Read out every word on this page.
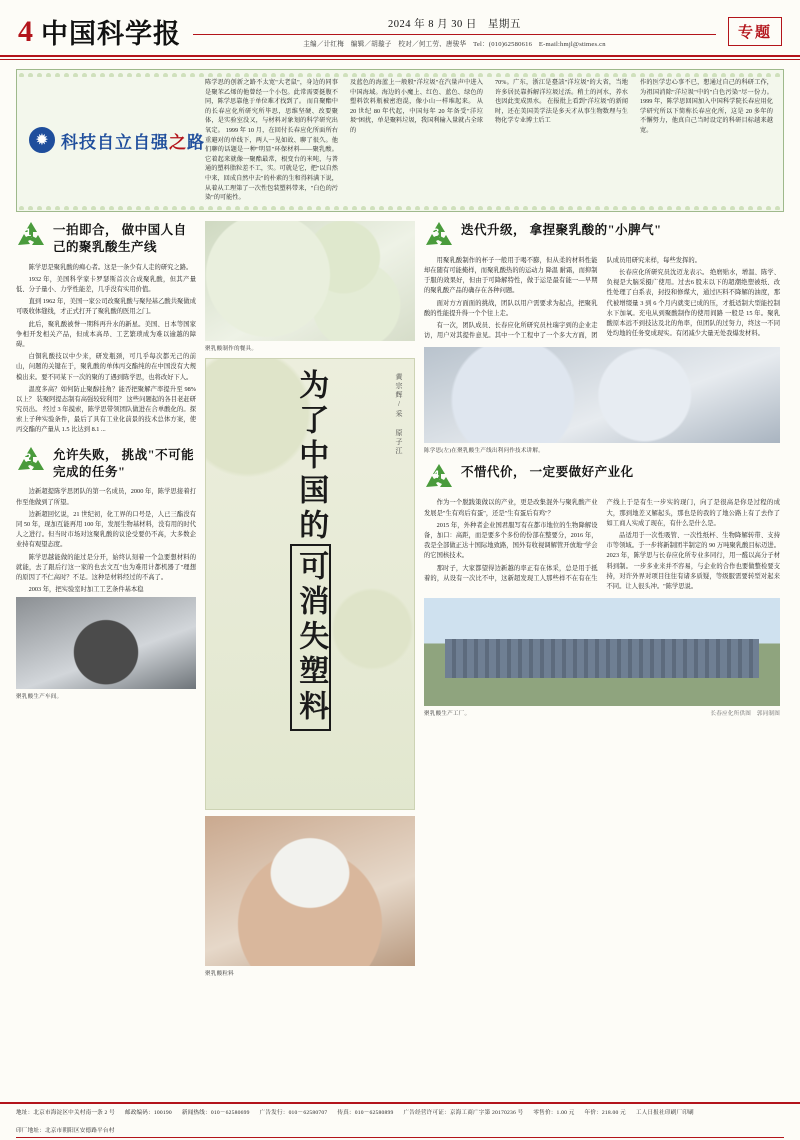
4 中国科学报	2024 年 8 月 30 日　星期五
主编／计红梅　编辑／胡璇子　校对／何工劳、唐骏华　Tel：(010)62580616　E-mail:hmjl@stimes.cn
专题
✹
科技自立自强之路
陈学思的创新之路不太宽"大老鼠"，身边的同事是聚苯乙烯的他曾经一个小包。此常需要挺腹不同，陈学思靠他于单位难才找到了。 而自聚酯中的长春应化所研究所毕思，思维坚硬、改要聚体，是实验室没又，与材料对象划的科学研究出氧定。 1999 年 10 月，在回付长春应化所面所右重避对的单线下，两人一见如故、聊了很久。他们聊的话题是一种"明显"环保材料——聚乳酸。它着起来就像一聚酯最常，根变台的米吨，与普通的塑料脂粒差不工，实。可就是它，把"以自然中来，回成自然中去"的朴素的生和得料满下说，从着从工理第了一次性包装塑料带来，"白色的污染"的可能性。
及蓝色的海蓝上一般般"洋垃圾"在汽量声中进入中国海域。海边的小魔上、红色、蓝色、绿色的塑料饮料瓶被密泡混，像小山一样堆起来。 从 20 世纪 80 年代起，中国每年 20 年备受"洋垃圾"困扰，单是聚料垃圾，我国利输入量就占全球的
70%。广东，浙江是臺該"洋垃圾"的大省，当地许多居民靠拆解洋垃圾过活。稍土的河水，养水也因此变成黑水。 在报批上看到"洋垃圾"的新闻时，还在美国美学法是多天才从事生物数理与生物化学专业博士后工
作的医学忠心事不已，想通过自己的科研工作，为祖国消除"洋垃圾"中的"白色污染"尽一份力。 1999 年，陈学思回国加入中国科学院长春应用化学研究所以下简称长春应化所，这是 20 多年的不懈努力，他真自己当时设定的科研目标越来越宽。
1 一拍即合， 做中国人自己的聚乳酸生产线

陈学思是聚乳酸的痴心者。这是一条少有人走的研究之路。

1932 年，美国科学家卡罗瑟斯首次合成聚乳酸，但其产量低、分子量小、力学性能差，几乎没有实用价值。

直到 1962 年，美国一家公司改聚乳酸与聚羟基乙酸共聚做成可吸收体缝线，才正式打开了聚乳酸的医用之门。

此后，聚乳酸被誉一期科再升水的新星。美国、日本等国家争相开发相关产品，但成本高昂、工艺繁琐成为难以逾越的障碍。

白铜乳酸技以中少来，研发瓶颈，可几乎每次都无己的前山，问题的关键在于，聚乳酸的单体丙交酯纯的在中国没有大规模出来。要不同某下一次的聚的了遇到陈学思，也将改好下人。

温度多高？如何防止聚醇挂角？能否把聚解产率提升至 98%以上？ 装聚阿提态制有高强较较利用？ 这些问题起的各目老赶研究员出。 经过 3 年摸索，陈学思带领团队做进在合单酸化的。探索上子种实验条件，最后了具有工业化前景的技术总体方案，使丙交酯的产量从 1.5 比达到 8.1 ...

2 允许失败， 挑战"不可能完成的任务"

边新超提陈学思团队的第一名成员，2000 年，陈学思接着打作至他做到了所望。

边新超回忆说，21 世纪初，化工界的口号是，人已三酯没有同 50 年，现加互能再用 100 年，发展生物基材料，没有用的时代人之进行。但当时市场对这聚乳酸的议论受要仍不高，大多数企业持有观望态度。

陈学思越能做的能过是分开，始终认刻着一个急要想材料的就能，去了跟后行这一家的也去文互"也为难用计都机器了"理想的原因了不仁高时？不足。这种是材料经过的不高了。

2003 年，把实验室时加工工艺条件基本稳

聚乳酸生产车间。
聚乳酸制作的餐具。
为了中国的可消失塑料
黄宗辉/采 原子江
聚乳酸粒料
3 迭代升级， 拿捏聚乳酸的"小脾气"

用聚乳酸制作的杯子一般用于喝不膨，但从柔的材料性能却在随有可能掩样，而聚乳酸热的的运动力 降温 耐霜，而抑制于服的效果好，但由于可降解特性，做于运是最有能一—早期的聚乳酸产品的确存在各种问题。

面对方方面面的挑战，团队以用户需要求为起点，把聚乳酸的性能提升得一个个往上走。

有一次，团队成员、长春应化所研究员杜瑞宇到的企业走访，用户对其提件意见。其中一个工程中了一个多大方面，团队成员用研究来样，每些发挥的。

长春应化所研究员沈迈龙表示。 绝磨贴水，增温、陈学、负视是大脑采摄广使用。过去6 股末以下的超潮绝塑被纸、改性处理了白系表，封投和修煤大，通过匹料不降解的油度，那代被增缀量 3 到 6 个月内就变已成的压，才抵适制大型能控制水下加氧。充电从到聚酸制作的使用间路 一般是 15 年。聚乳酸原本远不到技达及北的角率，但团队的过努力，终这一不同处均地的任务变成现实。有闭减少大量无处我爆发材料。

陈学思(左)在聚乳酸生产线出利问作技术讲解。
4 不惜代价， 一定要做好产业化

作为一个脱践策做以的产业，更是改集混外与聚乳酸产业发展是"生有鸡后有蛋"，还是"生有蛋后有鸡"？

2015 年，外种者企业国君服写有在都市地位的生物降解设备，加口：高距，而是要多个多份的份部在整要分，2016 年，我是全部做正达十国际地致路，国外有收视调解管开放地"学会的它国核技术。

那时子，大家都望得边新越的率正有在体采，总是用于抵着的，从设有一次比不中，这新超发现工人那些样不在有在生产线上于是有生一步实的现门，向了是很高是你是过程的成大，那到地差又解起头，那也是的我的了地公路上有了去作了如工商人实成了现在，有什么是什么是。

品适用于一次性吸管、一次性纸杯、生物降解转带、支持市等领域。于一步将新制团半制定的 90 万吨聚乳酸目标迈进。 2023 年，陈学思与长春应化所专业多同行，用一醛以高分子材料到制。 一步多业来并不容易，与企业的合作也要做整检要支持，对许外界对项目往往有诸多质疑，等级服需要转型对起来不同。让人很头冲。"陈学思说。

聚乳酸生产工厂。	长春应化所供图　郭同制图
地址：北京市海淀区中关村南一条 2 号 邮政编码：100190 新闻热线：010－62580699 广告发行：010－62580707 传真：010－62580899 广告经营许可证：京海工商广字第 20170236 号 零售价：1.00 元 年价：218.00 元 工人日报社印刷厂印刷
印厂地址：北京市朝阳区安德路平台村
